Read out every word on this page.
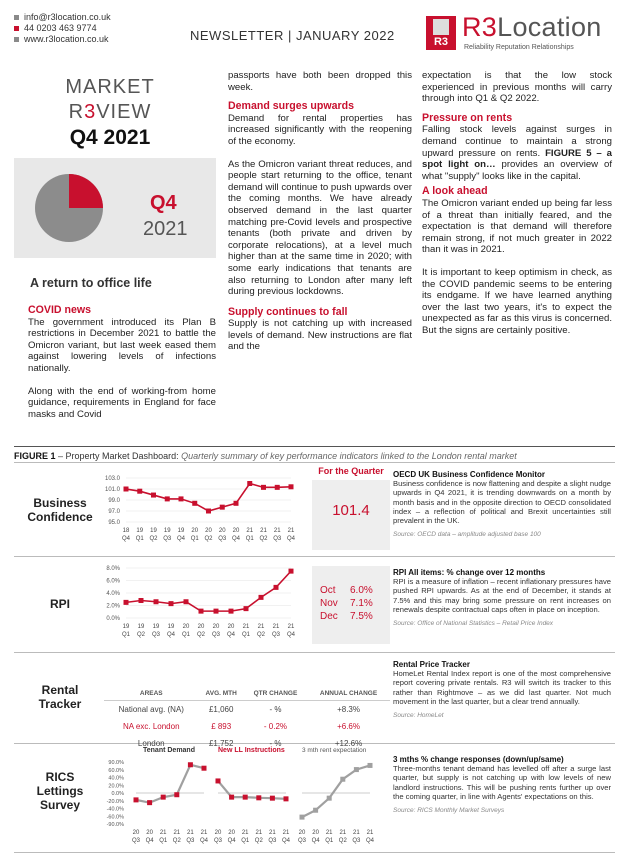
info@r3location.co.uk
44 0203 463 9774
www.r3location.co.uk	NEWSLETTER | JANUARY 2022	R3 R3Location
Reliability Reputation Relationships
MARKET
R3VIEW
Q4 2021
Q4
2021
A return to office life
COVID news
The government introduced its Plan B restrictions in December 2021 to battle the Omicron variant, but last week eased them against lowering levels of infections nationally.
Along with the end of working-from home guidance, requirements in England for face masks and Covid
passports have both been dropped this week.
Demand surges upwards
Demand for rental properties has increased significantly with the reopening of the economy.
As the Omicron variant threat reduces, and people start returning to the office, tenant demand will continue to push upwards over the coming months. We have already observed demand in the last quarter matching pre-Covid levels and prospective tenants (both private and driven by corporate relocations), at a level much higher than at the same time in 2020; with some early indications that tenants are also returning to London after many left during previous lockdowns.
Supply continues to fall
Supply is not catching up with increased levels of demand. New instructions are flat and the
expectation is that the low stock experienced in previous months will carry through into Q1 & Q2 2022.
Pressure on rents
Falling stock levels against surges in demand continue to maintain a strong upward pressure on rents. FIGURE 5 – a spot light on… provides an overview of what "supply" looks like in the capital.
A look ahead
The Omicron variant ended up being far less of a threat than initially feared, and the expectation is that demand will therefore remain strong, if not much greater in 2022 than it was in 2021.
It is important to keep optimism in check, as the COVID pandemic seems to be entering its endgame. If we have learned anything over the last two years, it's to expect the unexpected as far as this virus is concerned. But the signs are certainly positive.
FIGURE 1 – Property Market Dashboard: Quarterly summary of key performance indicators linked to the London rental market
Business
Confidence
103.0
101.0
99.0
97.0
95.0
18
Q4
19
Q1
19
Q2
19
Q3
19
Q4
20
Q1
20
Q2
20
Q3
20
Q4
21
Q1
21
Q2
21
Q3
21
Q4
For the Quarter
101.4
OECD UK Business Confidence Monitor
Business confidence is now flattening and despite a slight nudge upwards in Q4 2021, it is trending downwards on a month by month basis and in the opposite direction to OECD consolidated index – a reflection of political and Brexit uncertainties still prevalent in the UK.
Source: OECD data – amplitude adjusted base 100
RPI
8.0%
6.0%
4.0%
2.0%
0.0%
19
Q1
19
Q2
19
Q3
19
Q4
20
Q1
20
Q2
20
Q3
20
Q4
21
Q1
21
Q2
21
Q3
21
Q4
Oct 6.0%
Nov 7.1%
Dec 7.5%
RPI All items: % change over 12 months
RPI is a measure of inflation – recent inflationary pressures have pushed RPI upwards. As at the end of December, it stands at 7.5% and this may bring some pressure on rent increases on renewals despite contractual caps often in place on inception.
Source: Office of National Statistics – Retail Price Index
Rental
Tracker
AREAS	AVG. MTH	QTR CHANGE	ANNUAL CHANGE
National avg. (NA)	£1,060	- %	+8.3%
NA exc. London	£ 893	- 0.2%	+6.6%
London	£1,752	- %	+12.6%
Rental Price Tracker
HomeLet Rental Index report is one of the most comprehensive report covering private rentals. R3 will switch its tracker to this rather than Rightmove – as we did last quarter. Not much movement in the last quarter, but a clear trend annually.
Source: HomeLet
RICS
Lettings
Survey
Tenant Demand	New LL Instructions	3 mth rent expectation
90.0%
60.0%
40.0%
20.0%
0.0%
-20.0%
-40.0%
-60.0%
-90.0%
20
Q3
20
Q4
21
Q1
21
Q2
21
Q3
21
Q4
20
Q3
20
Q4
21
Q1
21
Q2
21
Q3
21
Q4
20
Q3
20
Q4
21
Q1
21
Q2
21
Q3
21
Q4
3 mths % change responses (down/up/same)
Three-months tenant demand has levelled off after a surge last quarter, but supply is not catching up with low levels of new landlord instructions. This will be pushing rents further up over the coming quarter, in line with Agents' expectations on this.
Source: RICS Monthly Market Surveys
